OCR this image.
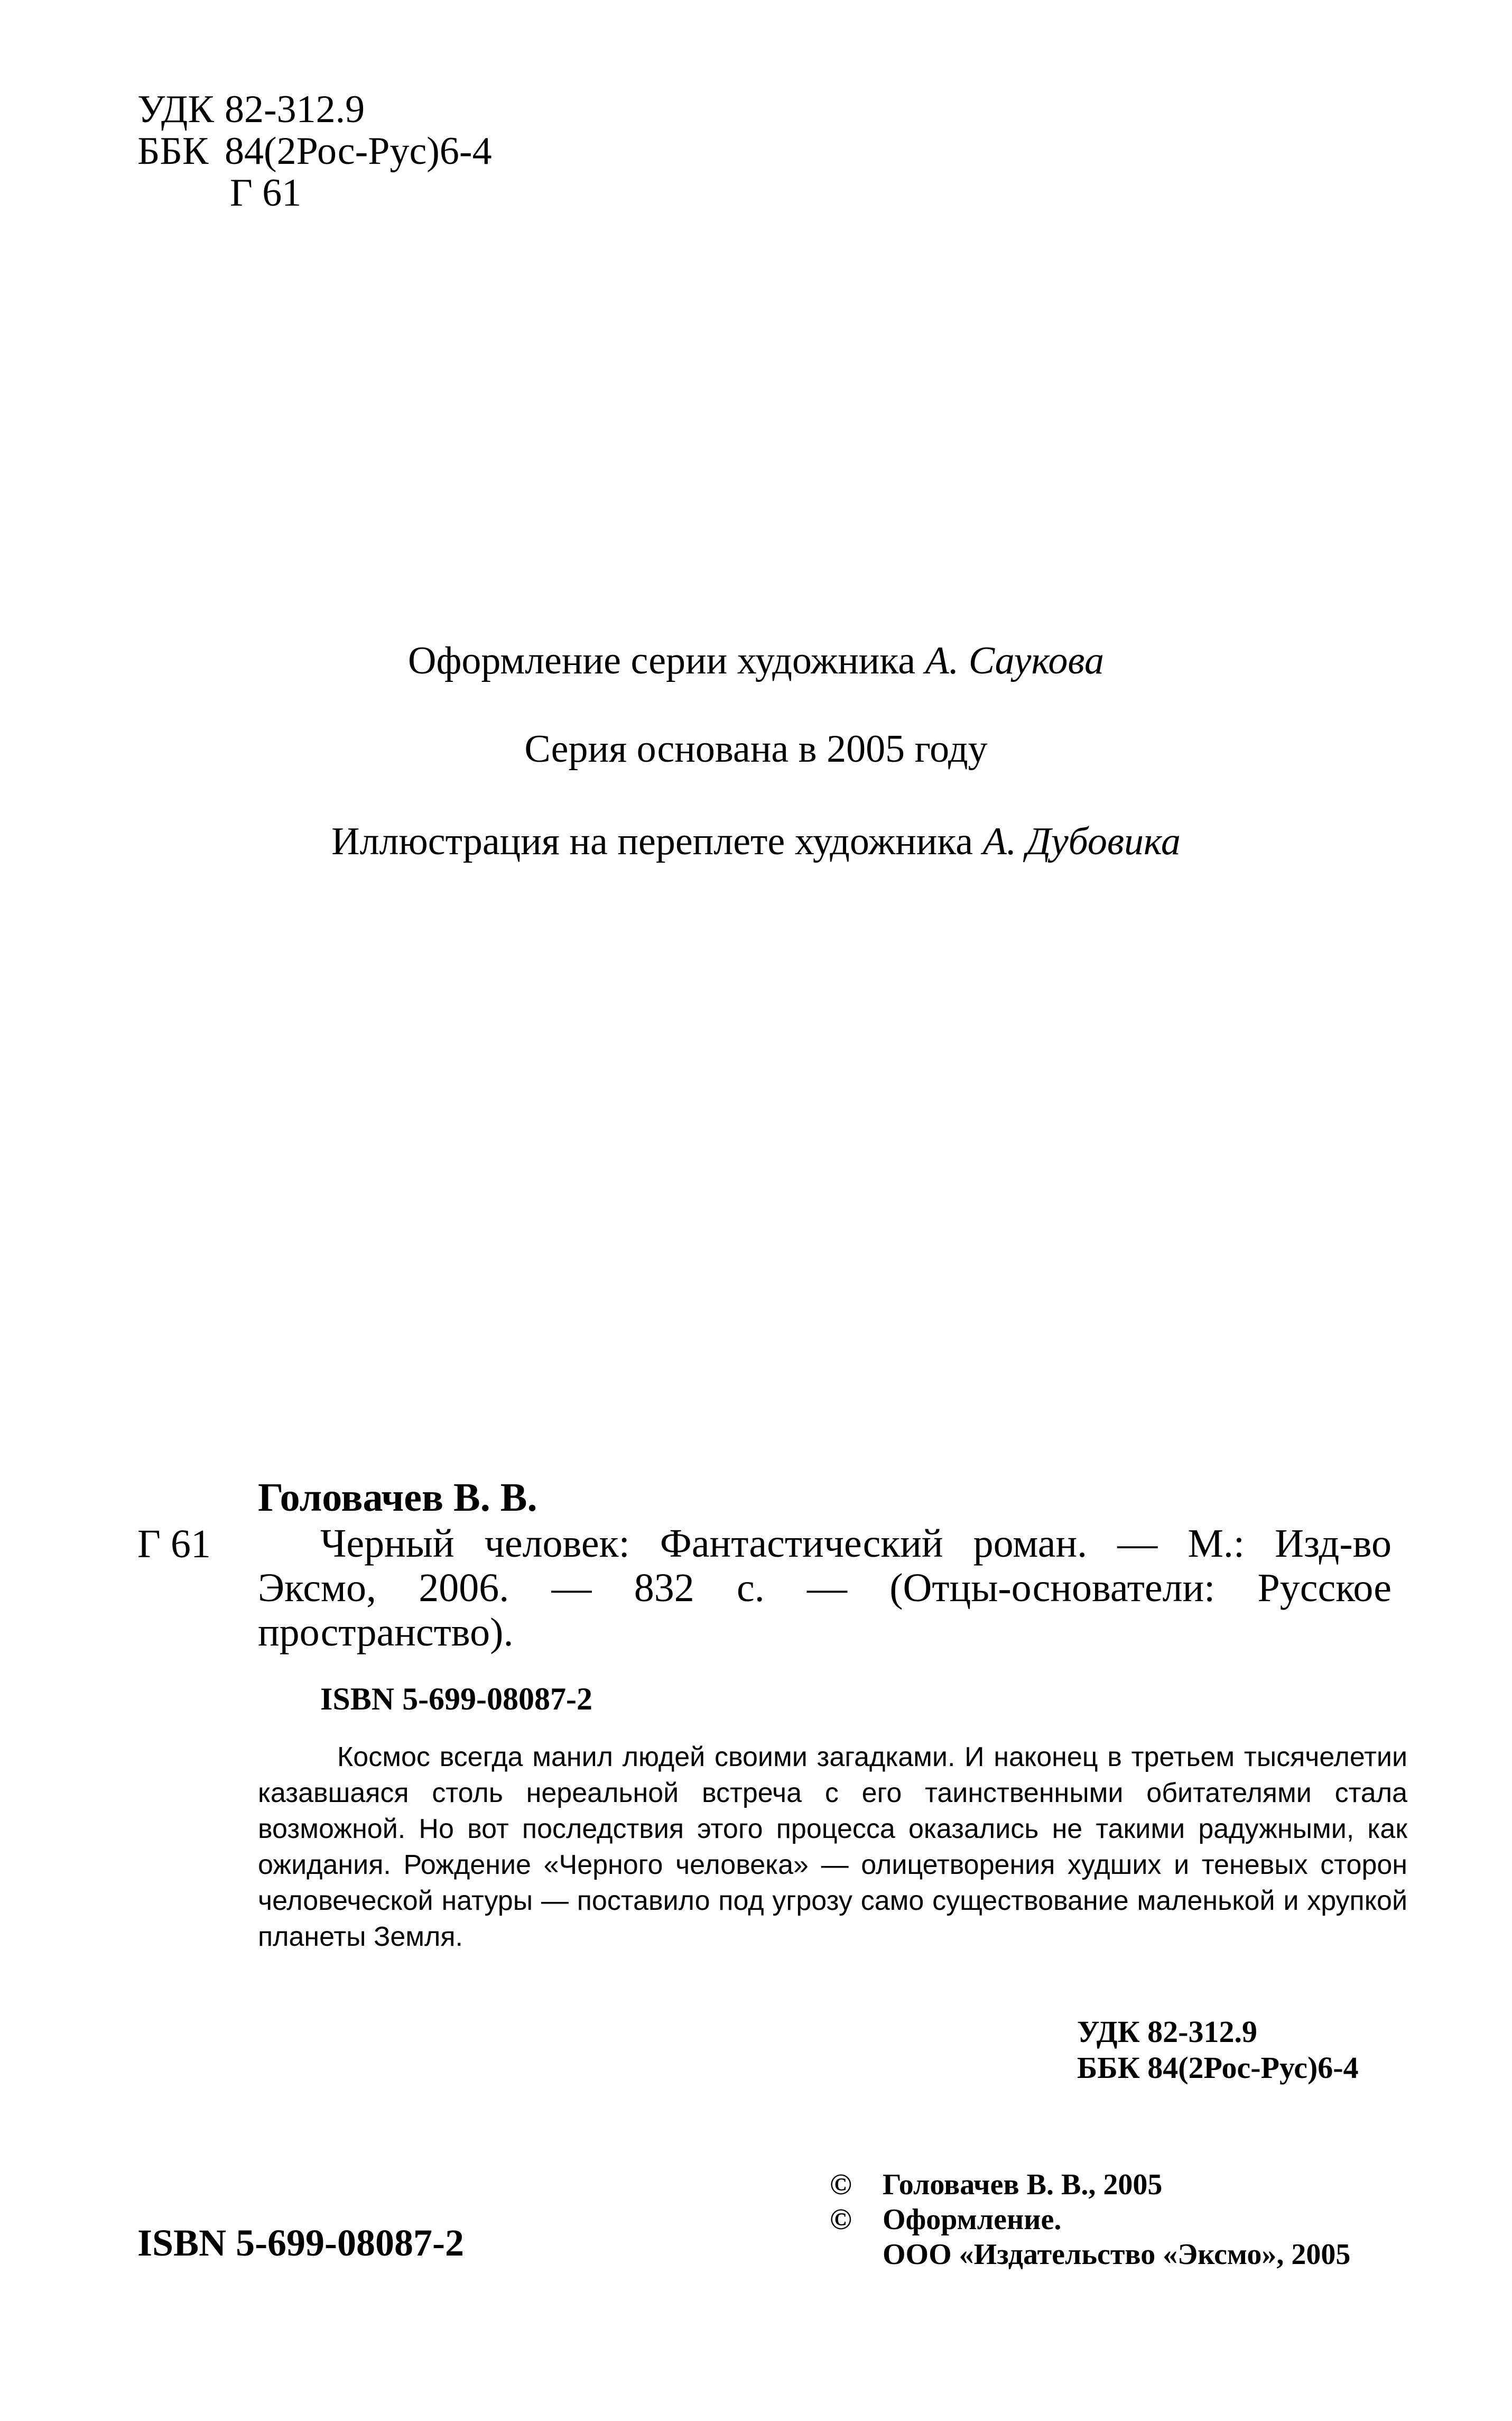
УДК 82-312.9
ББК 84(2Рос-Рус)6-4
Г 61
Оформление серии художника А. Саукова
Серия основана в 2005 году
Иллюстрация на переплете художника А. Дубовика
Головачев В. В.
Г 61	Черный человек: Фантастический роман. — М.: Изд-во Эксмо, 2006. — 832 с. — (Отцы-основатели: Русское пространство).
ISBN 5-699-08087-2
Космос всегда манил людей своими загадками. И наконец в третьем тысячелетии казавшаяся столь нереальной встреча с его таинственными обитателями стала возможной. Но вот последствия этого процесса оказались не такими радужными, как ожидания. Рождение «Черного человека» — олицетворения худших и теневых сторон человеческой натуры — поставило под угрозу само существование маленькой и хрупкой планеты Земля.
УДК 82-312.9
ББК 84(2Рос-Рус)6-4
© Головачев В. В., 2005
© Оформление.
ООО «Издательство «Эксмо», 2005
ISBN 5-699-08087-2
